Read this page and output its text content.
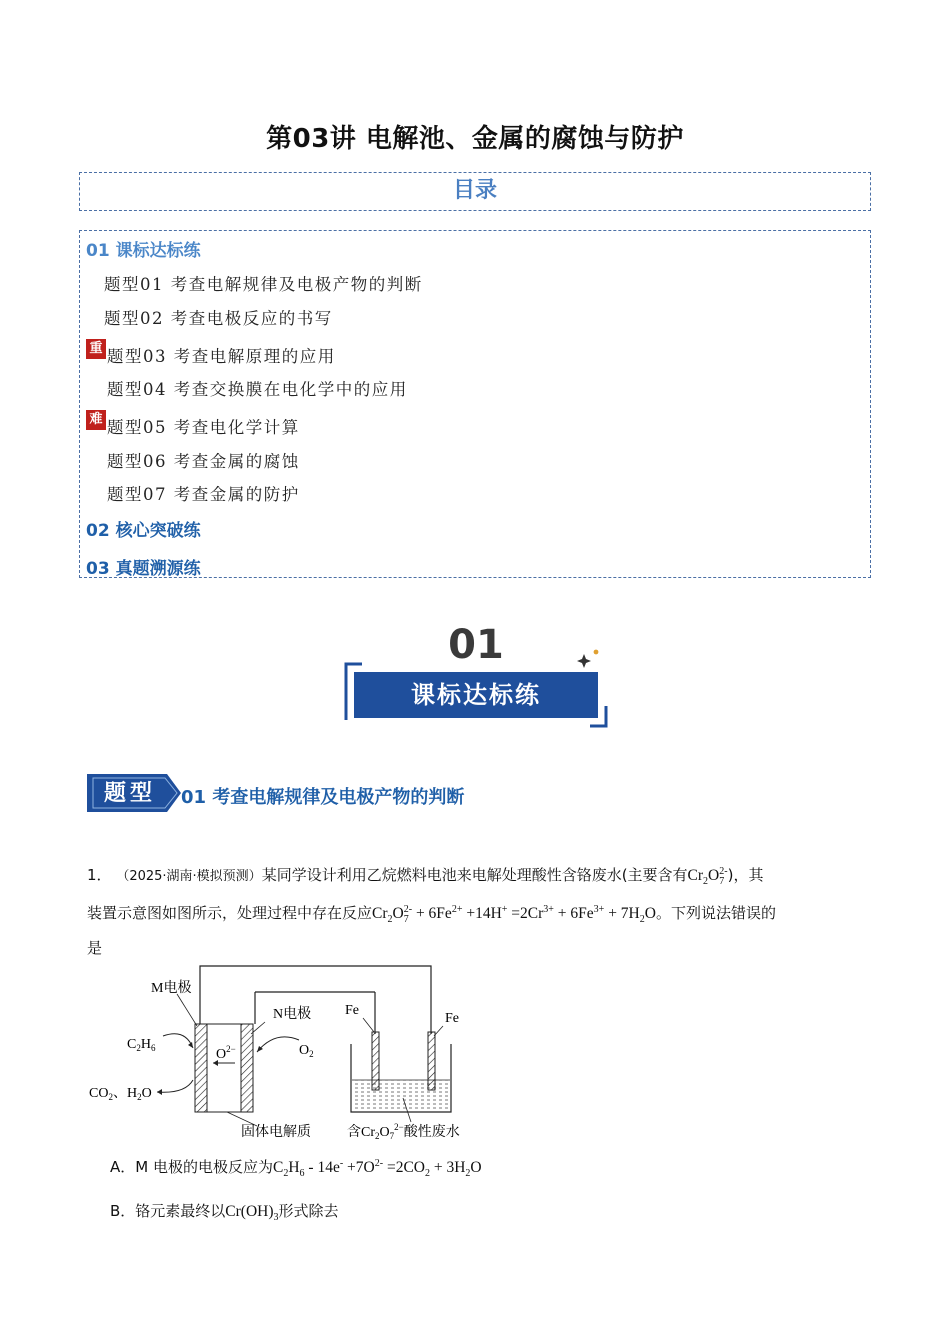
第03讲 电解池、金属的腐蚀与防护
目录
01 课标达标练
题型01 考查电解规律及电极产物的判断
题型02 考查电极反应的书写
重 题型03 考查电解原理的应用
题型04 考查交换膜在电化学中的应用
难 题型05 考查电化学计算
题型06 考查金属的腐蚀
题型07 考查金属的防护
02 核心突破练
03 真题溯源练
01
课标达标练
题型	01 考查电解规律及电极产物的判断
1． （2025·湖南·模拟预测）某同学设计利用乙烷燃料电池来电解处理酸性含铬废水(主要含有$Cr_2O_7^{2-}$)，其
装置示意图如图所示，处理过程中存在反应$Cr_2O_7^{2-} + 6Fe^{2+} +14H^+ =2Cr^{3+} + 6Fe^{3+} + 7H_2O$。下列说法错误的
是
M电极
N电极 Fe
Fe
$C_2H_6$	$O^{2-}$	$O_2$
$CO_2$、$H_2O$
固体电解质	含$Cr_2O_7^{2-}$酸性废水
A．M 电极的电极反应为$C_2H_6 - 14e^- +7O^{2-} =2CO_2 + 3H_2O$
B．铬元素最终以$Cr(OH)_3$形式除去
